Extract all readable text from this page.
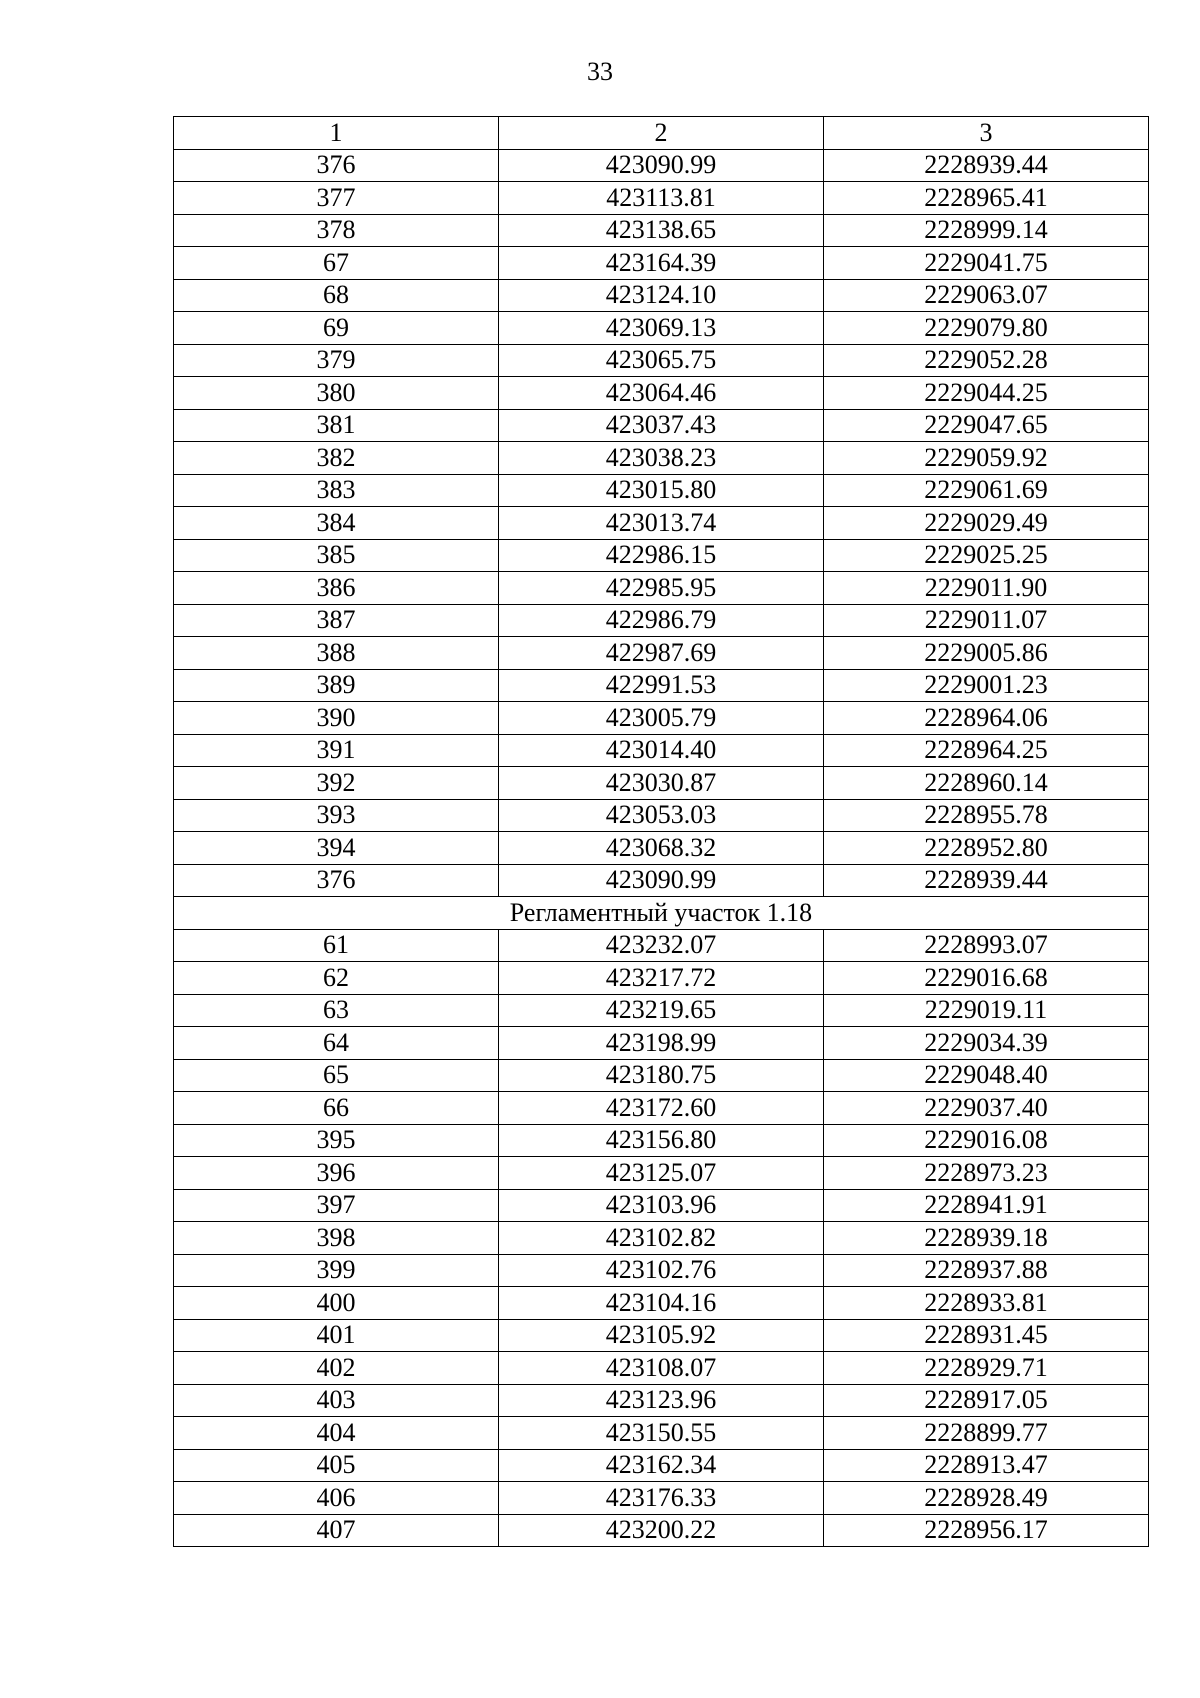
33
1	2	3
376	423090.99	2228939.44
377	423113.81	2228965.41
378	423138.65	2228999.14
67	423164.39	2229041.75
68	423124.10	2229063.07
69	423069.13	2229079.80
379	423065.75	2229052.28
380	423064.46	2229044.25
381	423037.43	2229047.65
382	423038.23	2229059.92
383	423015.80	2229061.69
384	423013.74	2229029.49
385	422986.15	2229025.25
386	422985.95	2229011.90
387	422986.79	2229011.07
388	422987.69	2229005.86
389	422991.53	2229001.23
390	423005.79	2228964.06
391	423014.40	2228964.25
392	423030.87	2228960.14
393	423053.03	2228955.78
394	423068.32	2228952.80
376	423090.99	2228939.44
Регламентный участок 1.18		
61	423232.07	2228993.07
62	423217.72	2229016.68
63	423219.65	2229019.11
64	423198.99	2229034.39
65	423180.75	2229048.40
66	423172.60	2229037.40
395	423156.80	2229016.08
396	423125.07	2228973.23
397	423103.96	2228941.91
398	423102.82	2228939.18
399	423102.76	2228937.88
400	423104.16	2228933.81
401	423105.92	2228931.45
402	423108.07	2228929.71
403	423123.96	2228917.05
404	423150.55	2228899.77
405	423162.34	2228913.47
406	423176.33	2228928.49
407	423200.22	2228956.17
